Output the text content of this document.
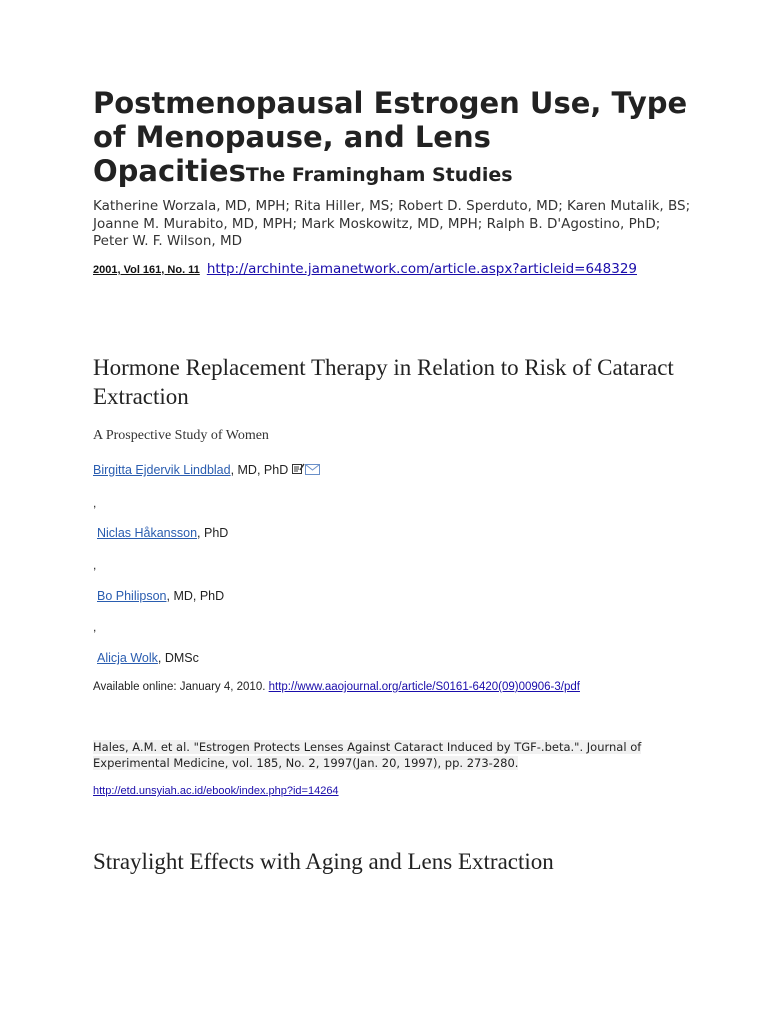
Postmenopausal Estrogen Use, Type of Menopause, and Lens OpacitiesThe Framingham Studies
Katherine Worzala, MD, MPH; Rita Hiller, MS; Robert D. Sperduto, MD; Karen Mutalik, BS; Joanne M. Murabito, MD, MPH; Mark Moskowitz, MD, MPH; Ralph B. D'Agostino, PhD; Peter W. F. Wilson, MD
2001, Vol 161, No. 11 http://archinte.jamanetwork.com/article.aspx?articleid=648329
Hormone Replacement Therapy in Relation to Risk of Cataract Extraction
A Prospective Study of Women
Birgitta Ejdervik Lindblad, MD, PhD
,
Niclas Håkansson, PhD
,
Bo Philipson, MD, PhD
,
Alicja Wolk, DMSc
Available online: January 4, 2010. http://www.aaojournal.org/article/S0161-6420(09)00906-3/pdf
Hales, A.M. et al. "Estrogen Protects Lenses Against Cataract Induced by TGF-.beta.". Journal of Experimental Medicine, vol. 185, No. 2, 1997(Jan. 20, 1997), pp. 273-280.
http://etd.unsyiah.ac.id/ebook/index.php?id=14264
Straylight Effects with Aging and Lens Extraction
